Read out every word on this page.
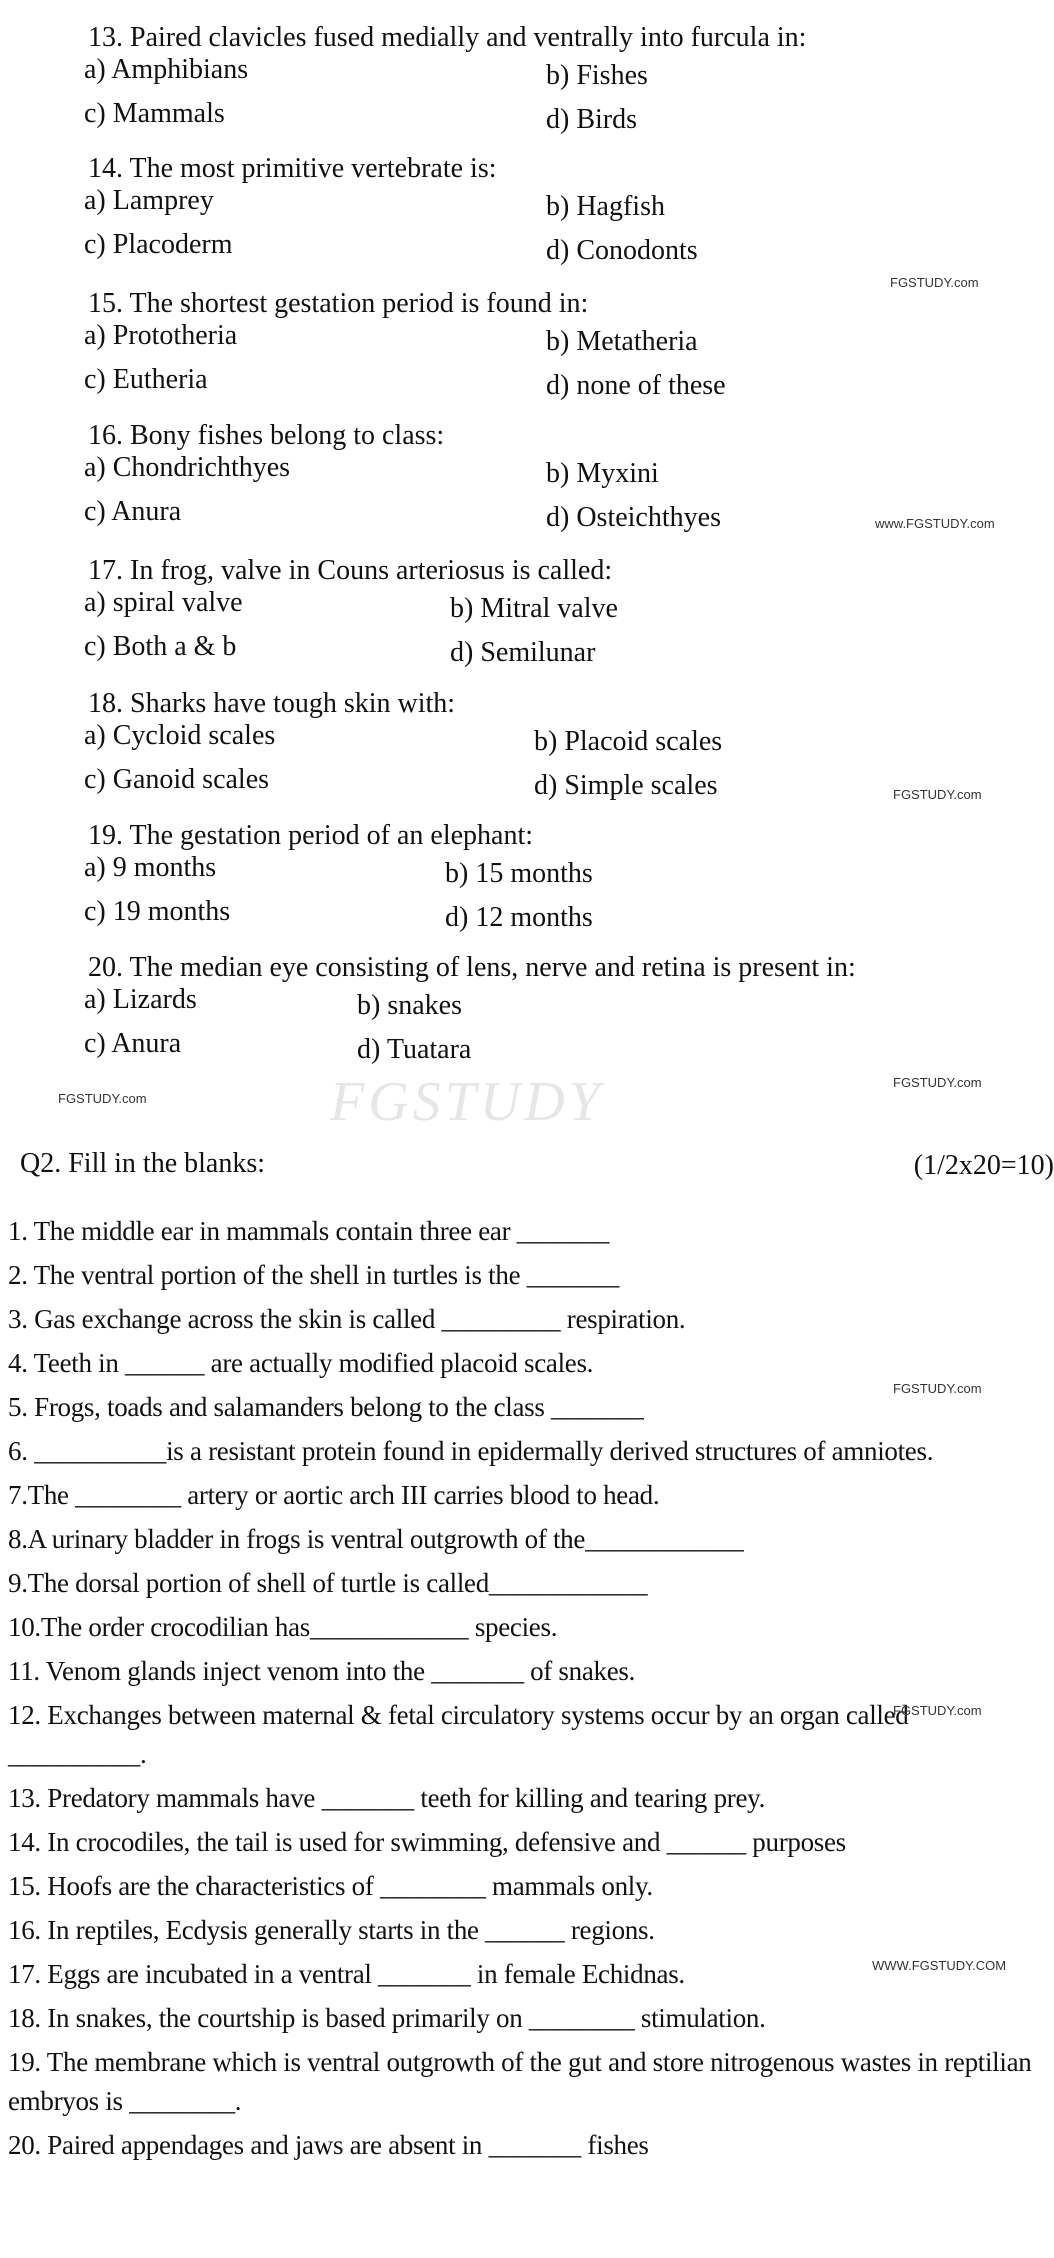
FGSTUDY
13. Paired clavicles fused medially and ventrally into furcula in:
a) Amphibians	b) Fishes
c) Mammals	d) Birds
14. The most primitive vertebrate is:
a) Lamprey	b) Hagfish
c) Placoderm	d) Conodonts
15. The shortest gestation period is found in:
a) Prototheria	b) Metatheria
c) Eutheria	d) none of these
16. Bony fishes belong to class:
a) Chondrichthyes	b) Myxini
c) Anura	d) Osteichthyes
17. In frog, valve in Couns arteriosus is called:
a) spiral valve	b) Mitral valve
c) Both a & b	d) Semilunar
18. Sharks have tough skin with:
a) Cycloid scales	b) Placoid scales
c) Ganoid scales	d) Simple scales
19. The gestation period of an elephant:
a) 9 months	b) 15 months
c) 19 months	d) 12 months
20. The median eye consisting of lens, nerve and retina is present in:
a) Lizards	b) snakes
c) Anura	d) Tuatara
Q2. Fill in the blanks:	(1/2x20=10)
1. The middle ear in mammals contain three ear _______
2. The ventral portion of the shell in turtles is the _______
3. Gas exchange across the skin is called _________ respiration.
4. Teeth in ______ are actually modified placoid scales.
5. Frogs, toads and salamanders belong to the class _______
6. __________is a resistant protein found in epidermally derived structures of amniotes.
7.The ________ artery or aortic arch III carries blood to head.
8.A urinary bladder in frogs is ventral outgrowth of the____________
9.The dorsal portion of shell of turtle is called____________
10.The order crocodilian has____________ species.
11. Venom glands inject venom into the _______ of snakes.
12. Exchanges between maternal & fetal circulatory systems occur by an organ called __________.
13. Predatory mammals have _______ teeth for killing and tearing prey.
14. In crocodiles, the tail is used for swimming, defensive and ______ purposes
15. Hoofs are the characteristics of ________ mammals only.
16. In reptiles, Ecdysis generally starts in the ______ regions.
17. Eggs are incubated in a ventral _______ in female Echidnas.
18. In snakes, the courtship is based primarily on ________ stimulation.
19. The membrane which is ventral outgrowth of the gut and store nitrogenous wastes in reptilian embryos is ________.
20. Paired appendages and jaws are absent in _______ fishes
FGSTUDY.com
www.FGSTUDY.com
FGSTUDY.com
FGSTUDY.com
FGSTUDY.com
FGSTUDY.com
FGSTUDY.com
WWW.FGSTUDY.COM
